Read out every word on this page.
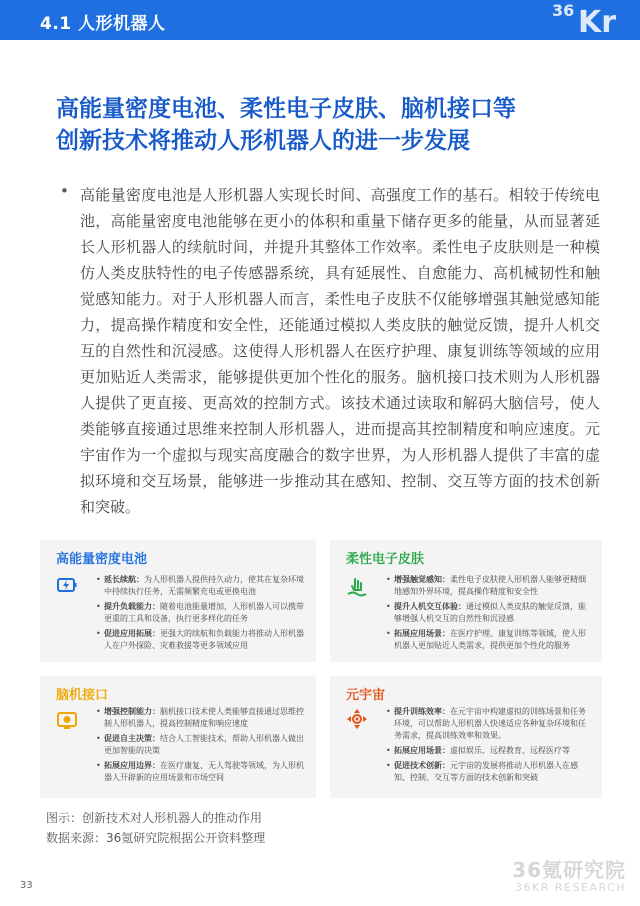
4.1 人形机器人
36 Kr
高能量密度电池、柔性电子皮肤、脑机接口等
创新技术将推动人形机器人的进一步发展
• 高能量密度电池是人形机器人实现长时间、高强度工作的基石。相较于传统电池，高能量密度电池能够在更小的体积和重量下储存更多的能量，从而显著延长人形机器人的续航时间，并提升其整体工作效率。柔性电子皮肤则是一种模仿人类皮肤特性的电子传感器系统，具有延展性、自愈能力、高机械韧性和触觉感知能力。对于人形机器人而言，柔性电子皮肤不仅能够增强其触觉感知能力，提高操作精度和安全性，还能通过模拟人类皮肤的触觉反馈，提升人机交互的自然性和沉浸感。这使得人形机器人在医疗护理、康复训练等领域的应用更加贴近人类需求，能够提供更加个性化的服务。脑机接口技术则为人形机器人提供了更直接、更高效的控制方式。该技术通过读取和解码大脑信号，使人类能够直接通过思维来控制人形机器人，进而提高其控制精度和响应速度。元宇宙作为一个虚拟与现实高度融合的数字世界，为人形机器人提供了丰富的虚拟环境和交互场景，能够进一步推动其在感知、控制、交互等方面的技术创新和突破。

高能量密度电池
• 延长续航：为人形机器人提供持久动力，使其在复杂环境中持续执行任务，无需频繁充电或更换电池
• 提升负载能力：随着电池能量增加，人形机器人可以携带更重的工具和设备，执行更多样化的任务
• 促进应用拓展：更强大的续航和负载能力将推动人形机器人在户外探险、灾难救援等更多领域应用
柔性电子皮肤
• 增强触觉感知：柔性电子皮肤使人形机器人能够更精细地感知外界环境，提高操作精度和安全性
• 提升人机交互体验：通过模拟人类皮肤的触觉反馈，能够增强人机交互的自然性和沉浸感
• 拓展应用场景：在医疗护理、康复训练等领域，使人形机器人更加贴近人类需求，提供更加个性化的服务
脑机接口
• 增强控制能力：脑机接口技术使人类能够直接通过思维控制人形机器人，提高控制精度和响应速度
• 促进自主决策：结合人工智能技术，帮助人形机器人做出更加智能的决策
• 拓展应用边界：在医疗康复、无人驾驶等领域，为人形机器人开辟新的应用场景和市场空间
元宇宙
• 提升训练效率：在元宇宙中构建虚拟的训练场景和任务环境，可以帮助人形机器人快速适应各种复杂环境和任务需求，提高训练效率和效果。
• 拓展应用场景：虚拟娱乐、远程教育、远程医疗等
• 促进技术创新：元宇宙的发展将推动人形机器人在感知、控制、交互等方面的技术创新和突破
图示：创新技术对人形机器人的推动作用
数据来源：36氪研究院根据公开资料整理
33
36氪研究院
36KR RESEARCH
